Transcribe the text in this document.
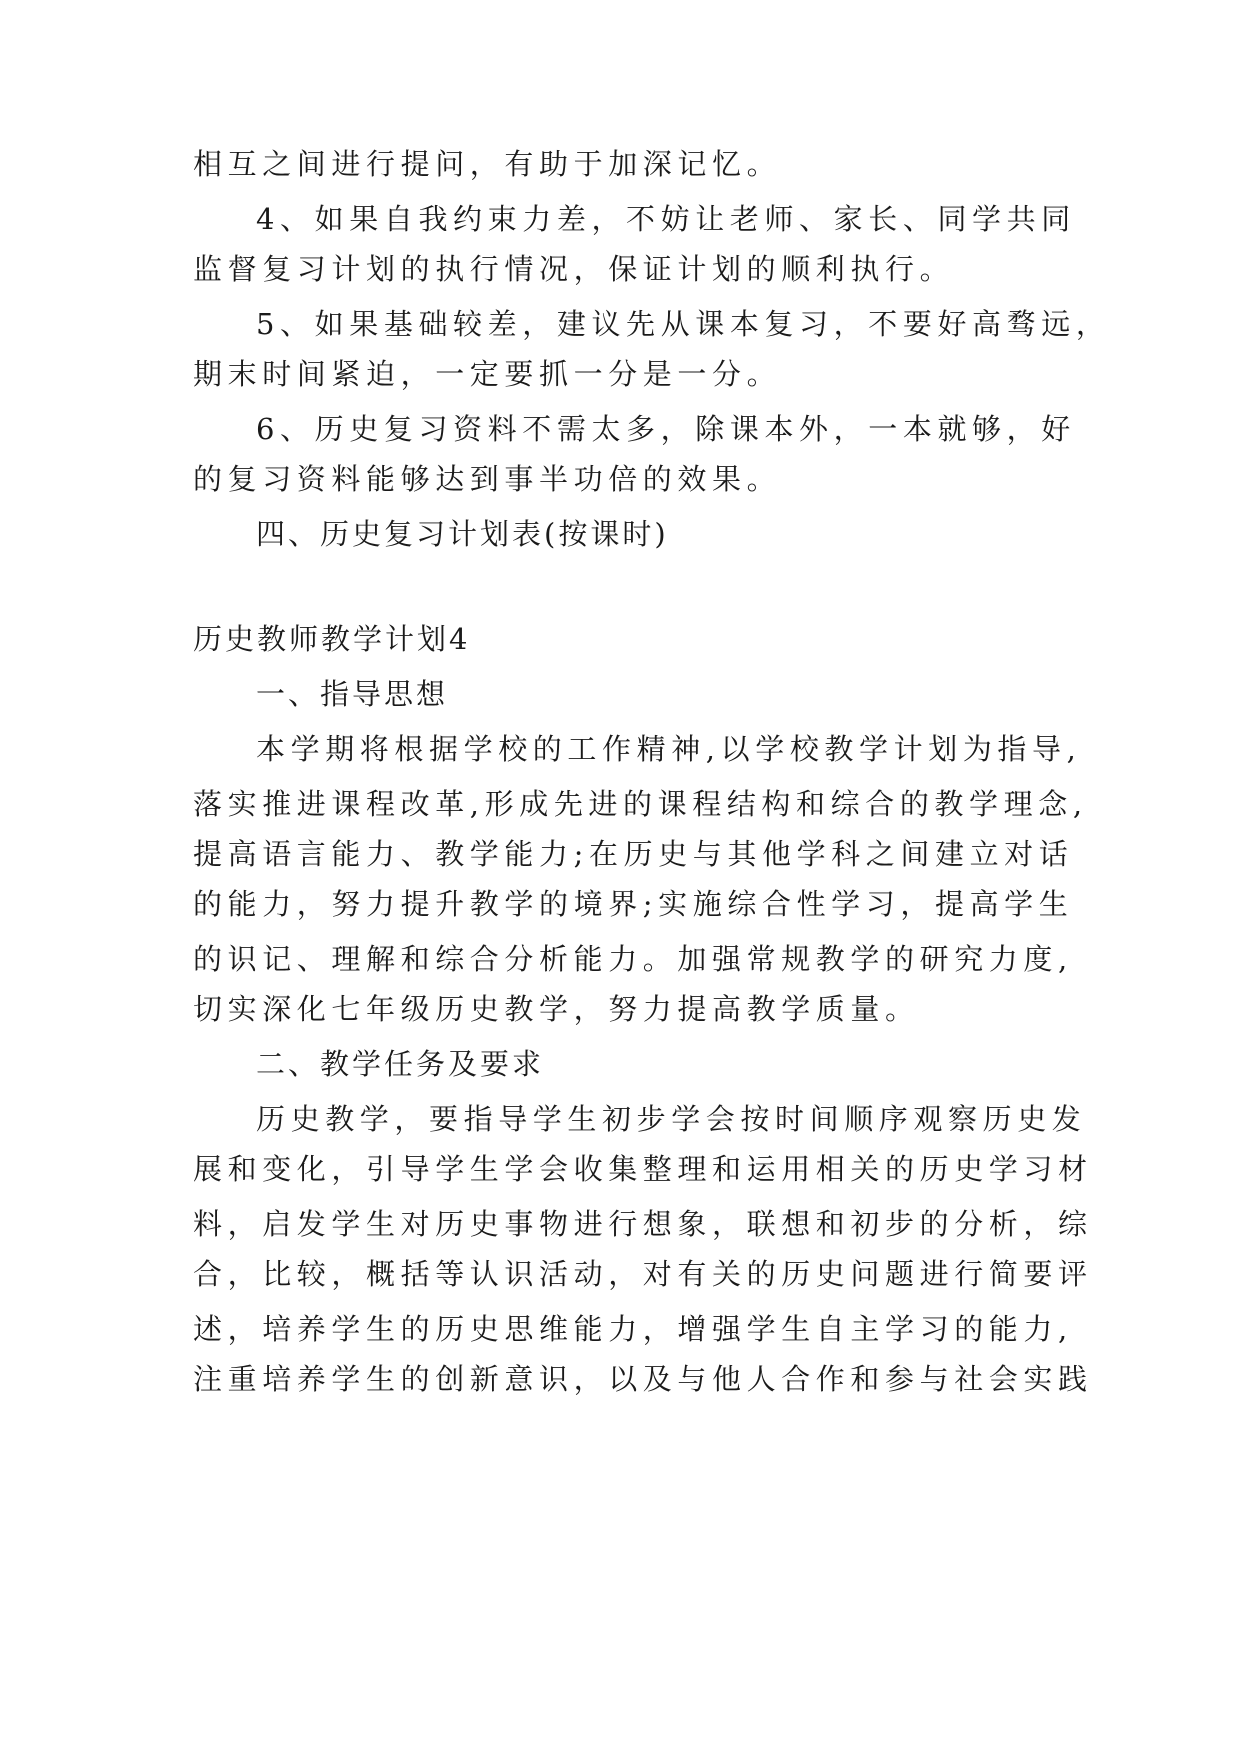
相互之间进行提问，有助于加深记忆。
4、如果自我约束力差，不妨让老师、家长、同学共同
监督复习计划的执行情况，保证计划的顺利执行。
5、如果基础较差，建议先从课本复习，不要好高骛远，
期末时间紧迫，一定要抓一分是一分。
6、历史复习资料不需太多，除课本外，一本就够，好
的复习资料能够达到事半功倍的效果。
四、历史复习计划表(按课时)
历史教师教学计划4
一、指导思想
本学期将根据学校的工作精神,以学校教学计划为指导,
落实推进课程改革,形成先进的课程结构和综合的教学理念,
提高语言能力、教学能力;在历史与其他学科之间建立对话
的能力，努力提升教学的境界;实施综合性学习，提高学生
的识记、理解和综合分析能力。加强常规教学的研究力度,
切实深化七年级历史教学，努力提高教学质量。
二、教学任务及要求
历史教学，要指导学生初步学会按时间顺序观察历史发
展和变化，引导学生学会收集整理和运用相关的历史学习材
料，启发学生对历史事物进行想象，联想和初步的分析，综
合，比较，概括等认识活动，对有关的历史问题进行简要评
述，培养学生的历史思维能力，增强学生自主学习的能力,
注重培养学生的创新意识，以及与他人合作和参与社会实践
